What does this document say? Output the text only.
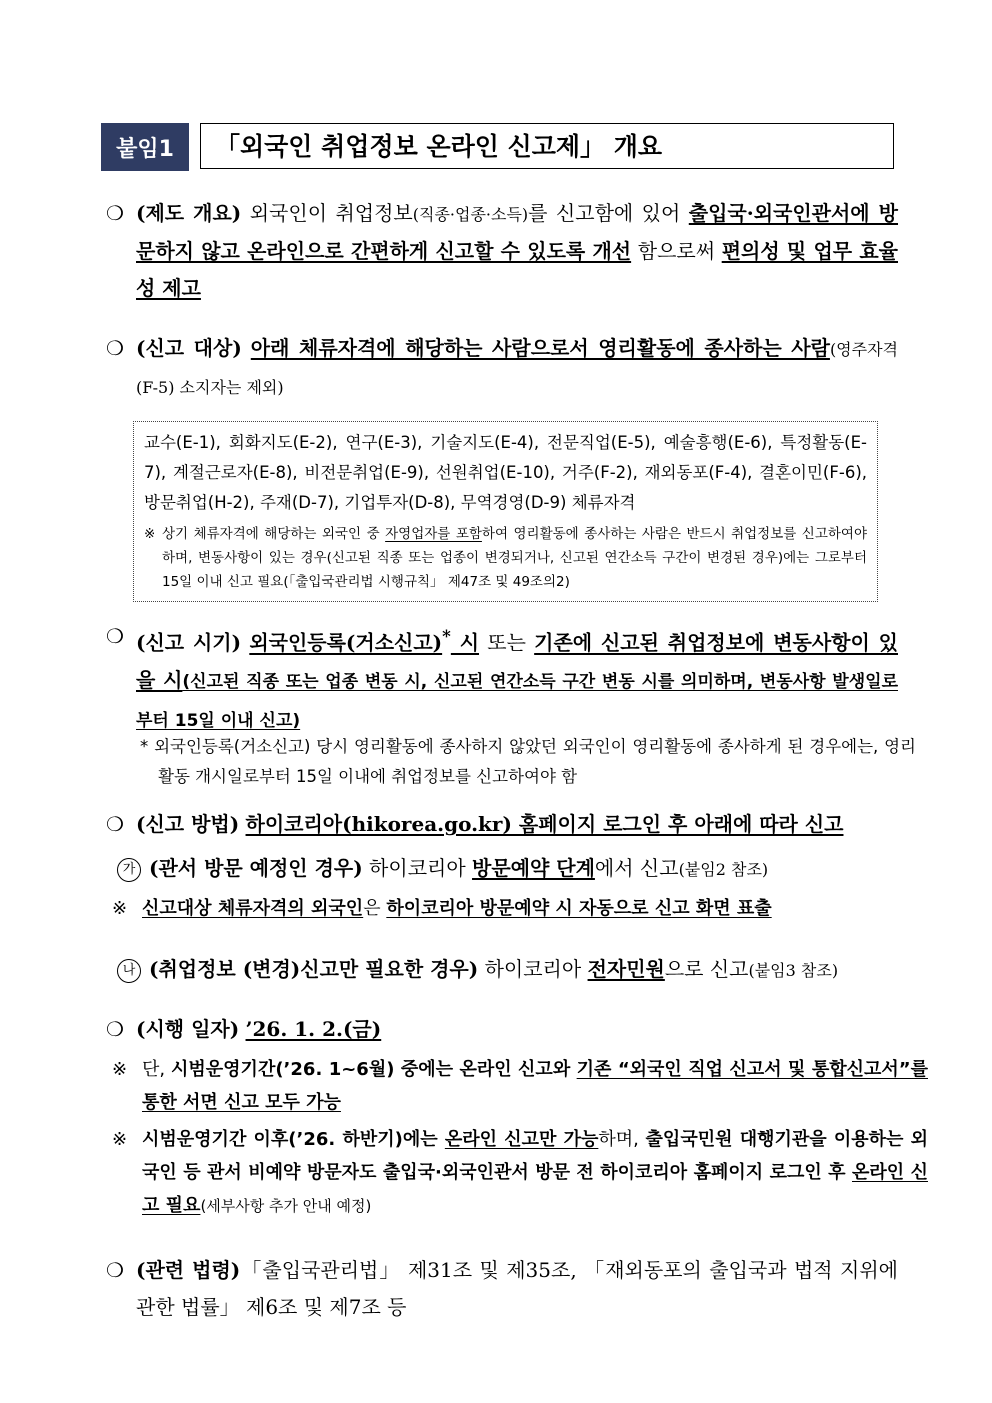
붙임1	「외국인 취업정보 온라인 신고제」 개요
❍ (제도 개요) 외국인이 취업정보(직종·업종·소득)를 신고함에 있어 출입국·외국인관서에 방문하지 않고 온라인으로 간편하게 신고할 수 있도록 개선 함으로써 편의성 및 업무 효율성 제고
❍ (신고 대상) 아래 체류자격에 해당하는 사람으로서 영리활동에 종사하는 사람(영주자격(F-5) 소지자는 제외)
교수(E-1), 회화지도(E-2), 연구(E-3), 기술지도(E-4), 전문직업(E-5), 예술흥행(E-6), 특정활동(E-7), 계절근로자(E-8), 비전문취업(E-9), 선원취업(E-10), 거주(F-2), 재외동포(F-4), 결혼이민(F-6), 방문취업(H-2), 주재(D-7), 기업투자(D-8), 무역경영(D-9) 체류자격
※ 상기 체류자격에 해당하는 외국인 중 자영업자를 포함하여 영리활동에 종사하는 사람은 반드시 취업정보를 신고하여야 하며, 변동사항이 있는 경우(신고된 직종 또는 업종이 변경되거나, 신고된 연간소득 구간이 변경된 경우)에는 그로부터 15일 이내 신고 필요(「출입국관리법 시행규칙」 제47조 및 49조의2)
❍ (신고 시기) 외국인등록(거소신고)* 시 또는 기존에 신고된 취업정보에 변동사항이 있을 시(신고된 직종 또는 업종 변동 시, 신고된 연간소득 구간 변동 시를 의미하며, 변동사항 발생일로부터 15일 이내 신고)
* 외국인등록(거소신고) 당시 영리활동에 종사하지 않았던 외국인이 영리활동에 종사하게 된 경우에는, 영리활동 개시일로부터 15일 이내에 취업정보를 신고하여야 함
❍ (신고 방법) 하이코리아(hikorea.go.kr) 홈페이지 로그인 후 아래에 따라 신고
가 (관서 방문 예정인 경우) 하이코리아 방문예약 단계에서 신고(붙임2 참조)
※ 신고대상 체류자격의 외국인은 하이코리아 방문예약 시 자동으로 신고 화면 표출
나 (취업정보 (변경)신고만 필요한 경우) 하이코리아 전자민원으로 신고(붙임3 참조)
❍ (시행 일자) ’26. 1. 2.(금)
※ 단, 시범운영기간(’26. 1~6월) 중에는 온라인 신고와 기존 “외국인 직업 신고서 및 통합신고서”를 통한 서면 신고 모두 가능
※ 시범운영기간 이후(’26. 하반기)에는 온라인 신고만 가능하며, 출입국민원 대행기관을 이용하는 외국인 등 관서 비예약 방문자도 출입국·외국인관서 방문 전 하이코리아 홈페이지 로그인 후 온라인 신고 필요(세부사항 추가 안내 예정)
❍ (관련 법령)「출입국관리법」 제31조 및 제35조, 「재외동포의 출입국과 법적 지위에 관한 법률」 제6조 및 제7조 등
